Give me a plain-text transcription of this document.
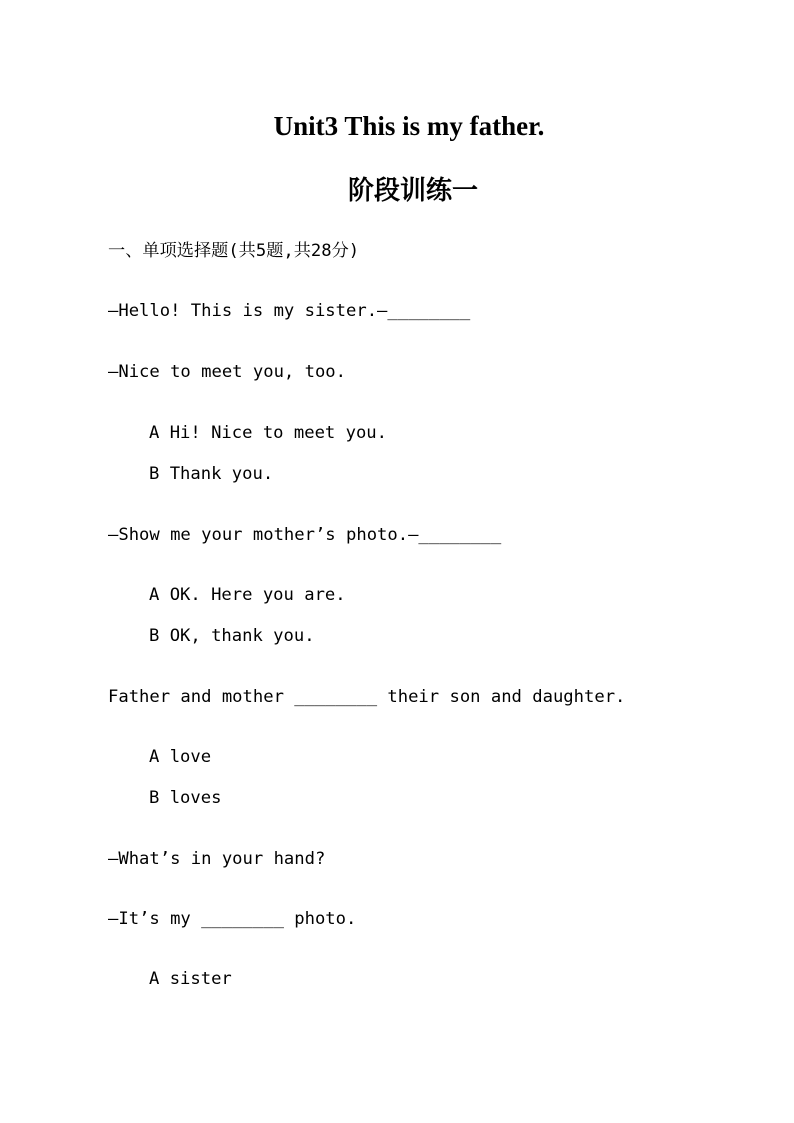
Unit3 This is my father.
阶段训练一
一、单项选择题(共5题,共28分)
—Hello! This is my sister.—________
—Nice to meet you, too.
A Hi! Nice to meet you.
B Thank you.
—Show me your mother’s photo.—________
A OK. Here you are.
B OK, thank you.
Father and mother ________ their son and daughter.
A love
B loves
—What’s in your hand?
—It’s my ________ photo.
A sister
